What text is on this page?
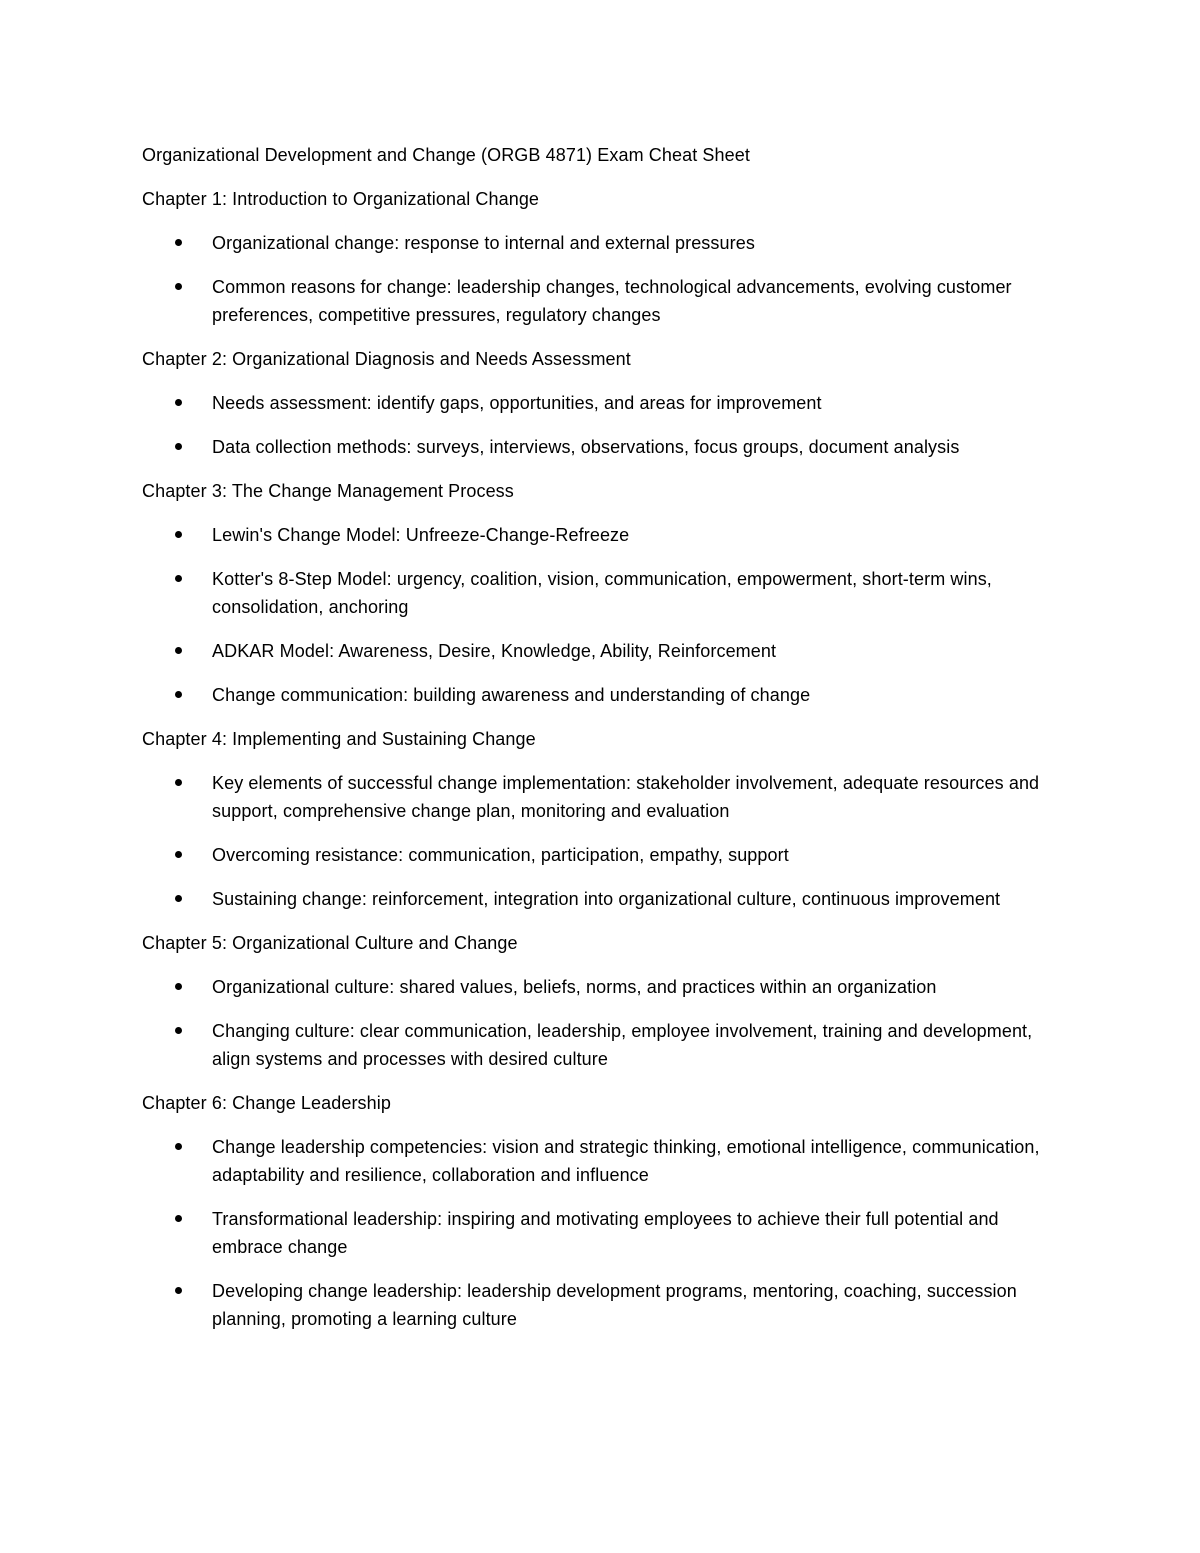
Organizational Development and Change (ORGB 4871) Exam Cheat Sheet

Chapter 1: Introduction to Organizational Change

Organizational change: response to internal and external pressures
Common reasons for change: leadership changes, technological advancements, evolving customer preferences, competitive pressures, regulatory changes

Chapter 2: Organizational Diagnosis and Needs Assessment

Needs assessment: identify gaps, opportunities, and areas for improvement
Data collection methods: surveys, interviews, observations, focus groups, document analysis

Chapter 3: The Change Management Process

Lewin's Change Model: Unfreeze-Change-Refreeze
Kotter's 8-Step Model: urgency, coalition, vision, communication, empowerment, short-term wins, consolidation, anchoring
ADKAR Model: Awareness, Desire, Knowledge, Ability, Reinforcement
Change communication: building awareness and understanding of change

Chapter 4: Implementing and Sustaining Change

Key elements of successful change implementation: stakeholder involvement, adequate resources and support, comprehensive change plan, monitoring and evaluation
Overcoming resistance: communication, participation, empathy, support
Sustaining change: reinforcement, integration into organizational culture, continuous improvement

Chapter 5: Organizational Culture and Change

Organizational culture: shared values, beliefs, norms, and practices within an organization
Changing culture: clear communication, leadership, employee involvement, training and development, align systems and processes with desired culture

Chapter 6: Change Leadership

Change leadership competencies: vision and strategic thinking, emotional intelligence, communication, adaptability and resilience, collaboration and influence
Transformational leadership: inspiring and motivating employees to achieve their full potential and embrace change
Developing change leadership: leadership development programs, mentoring, coaching, succession planning, promoting a learning culture
